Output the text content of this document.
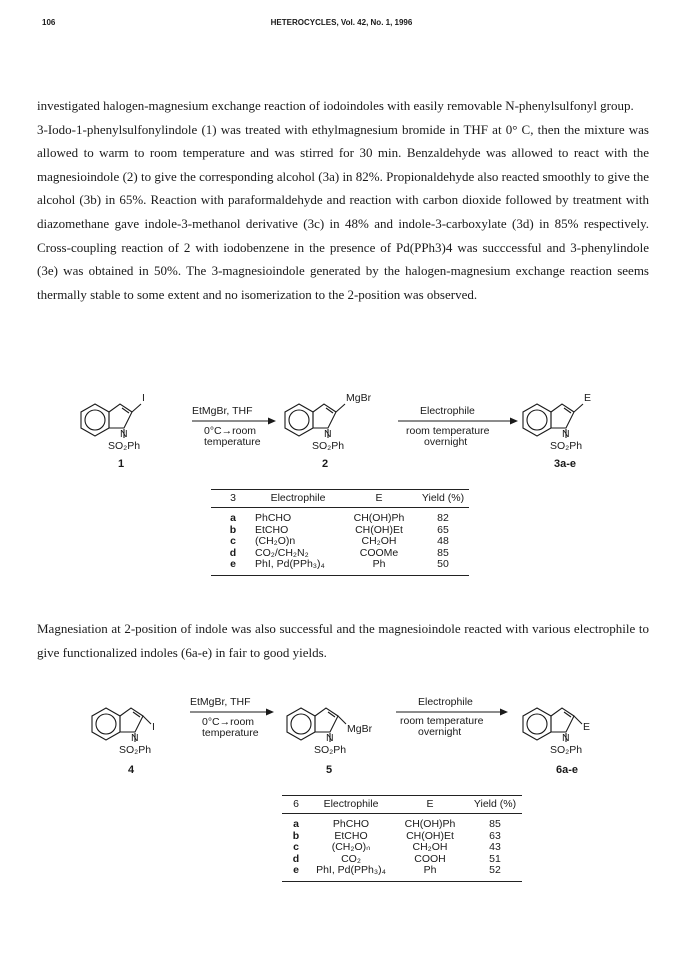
106	HETEROCYCLES, Vol. 42, No. 1, 1996

investigated halogen-magnesium exchange reaction of iodoindoles with easily removable N-phenylsulfonyl group.

3-Iodo-1-phenylsulfonylindole (1) was treated with ethylmagnesium bromide in THF at 0° C, then the mixture was allowed to warm to room temperature and was stirred for 30 min. Benzaldehyde was allowed to react with the magnesioindole (2) to give the corresponding alcohol (3a) in 82%. Propionaldehyde also reacted smoothly to give the alcohol (3b) in 65%. Reaction with paraformaldehyde and reaction with carbon dioxide followed by treatment with diazomethane gave indole-3-methanol derivative (3c) in 48% and indole-3-carboxylate (3d) in 85% respectively. Cross-coupling reaction of 2 with iodobenzene in the presence of Pd(PPh3)4 was succcessful and 3-phenylindole (3e) was obtained in 50%. The 3-magnesioindole generated by the halogen-magnesium exchange reaction seems thermally stable to some extent and no isomerization to the 2-position was observed.

I
N
SO₂Ph
1
MgBr
N
SO₂Ph
2
E
N
SO₂Ph
3a-e
EtMgBr, THF
0°C→room
temperature
Electrophile
room temperature
overnight
3	Electrophile	E	Yield (%)
a	PhCHO	CH(OH)Ph	82
b	EtCHO	CH(OH)Et	65
c	(CH₂O)n	CH₂OH	48
d	CO₂/CH₂N₂	COOMe	85
e	PhI, Pd(PPh₃)₄	Ph	50

Magnesiation at 2-position of indole was also successful and the magnesioindole reacted with various electrophile to give functionalized indoles (6a-e) in fair to good yields.

I
N
SO₂Ph
4
MgBr
N
SO₂Ph
5
E
N
SO₂Ph
6a-e
EtMgBr, THF
0°C→room
temperature
Electrophile
room temperature
overnight
6	Electrophile	E	Yield (%)
a	PhCHO	CH(OH)Ph	85
b	EtCHO	CH(OH)Et	63
c	(CH₂O)ₙ	CH₂OH	43
d	CO₂	COOH	51
e	PhI, Pd(PPh₃)₄	Ph	52
